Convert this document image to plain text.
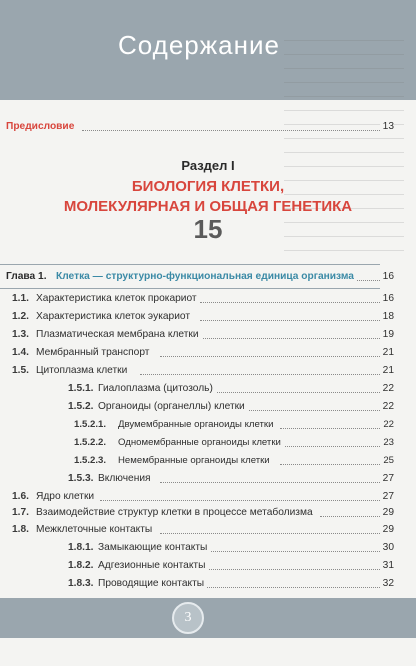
Содержание
Предисловие	13
Раздел I
БИОЛОГИЯ КЛЕТКИ,
МОЛЕКУЛЯРНАЯ И ОБЩАЯ ГЕНЕТИКА
15
Глава 1. Клетка — структурно-функциональная единица организма	16
1.1. Характеристика клеток прокариот	16
1.2. Характеристика клеток эукариот	18
1.3. Плазматическая мембрана клетки	19
1.4. Мембранный транспорт	21
1.5. Цитоплазма клетки	21
1.5.1. Гиалоплазма (цитозоль)	22
1.5.2. Органоиды (органеллы) клетки	22
1.5.2.1. Двумембранные органоиды клетки	22
1.5.2.2. Одномембранные органоиды клетки	23
1.5.2.3. Немембранные органоиды клетки	25
1.5.3. Включения	27
1.6. Ядро клетки	27
1.7. Взаимодействие структур клетки в процессе метаболизма	29
1.8. Межклеточные контакты	29
1.8.1. Замыкающие контакты	30
1.8.2. Адгезионные контакты	31
1.8.3. Проводящие контакты	32
3
